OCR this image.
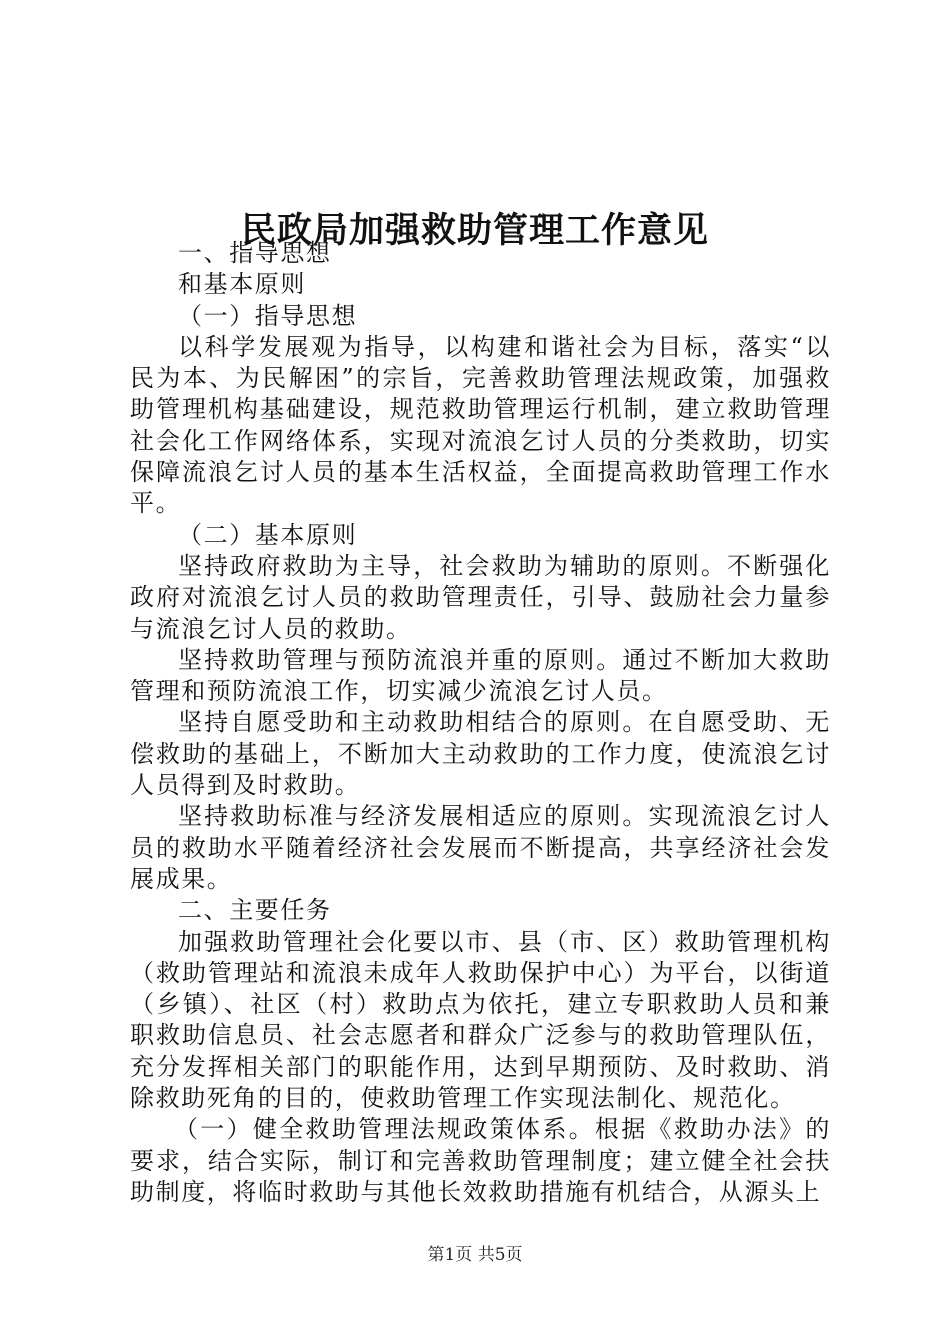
民政局加强救助管理工作意见

一、指导思想

和基本原则

（一）指导思想

以科学发展观为指导，以构建和谐社会为目标，落实“以民为本、为民解困”的宗旨，完善救助管理法规政策，加强救助管理机构基础建设，规范救助管理运行机制，建立救助管理社会化工作网络体系，实现对流浪乞讨人员的分类救助，切实保障流浪乞讨人员的基本生活权益，全面提高救助管理工作水平。

（二）基本原则

坚持政府救助为主导，社会救助为辅助的原则。不断强化政府对流浪乞讨人员的救助管理责任，引导、鼓励社会力量参与流浪乞讨人员的救助。

坚持救助管理与预防流浪并重的原则。通过不断加大救助管理和预防流浪工作，切实减少流浪乞讨人员。

坚持自愿受助和主动救助相结合的原则。在自愿受助、无偿救助的基础上，不断加大主动救助的工作力度，使流浪乞讨人员得到及时救助。

坚持救助标准与经济发展相适应的原则。实现流浪乞讨人员的救助水平随着经济社会发展而不断提高，共享经济社会发展成果。

二、主要任务

加强救助管理社会化要以市、县（市、区）救助管理机构（救助管理站和流浪未成年人救助保护中心）为平台，以街道（乡镇）、社区（村）救助点为依托，建立专职救助人员和兼职救助信息员、社会志愿者和群众广泛参与的救助管理队伍，充分发挥相关部门的职能作用，达到早期预防、及时救助、消除救助死角的目的，使救助管理工作实现法制化、规范化。

（一）健全救助管理法规政策体系。根据《救助办法》的要求，结合实际，制订和完善救助管理制度；建立健全社会扶助制度，将临时救助与其他长效救助措施有机结合，从源头上

第1页 共5页
